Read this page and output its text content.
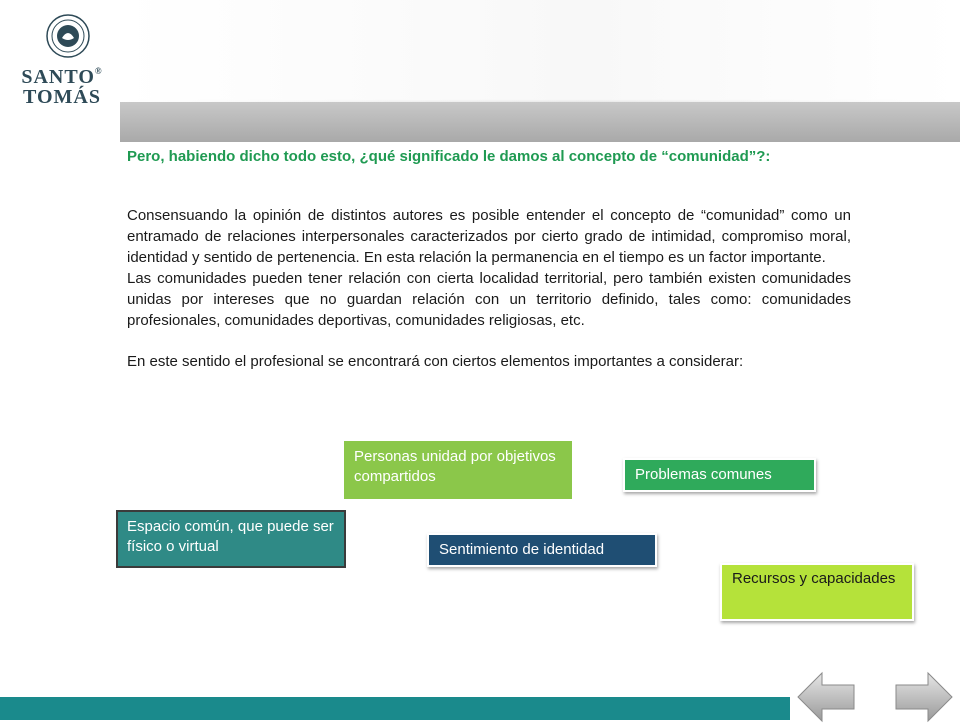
SANTO®
TOMÁS
Pero, habiendo dicho todo esto, ¿qué significado le damos al concepto de “comunidad”?:

Consensuando la opinión de distintos autores es posible entender el concepto de “comunidad” como un entramado de relaciones interpersonales caracterizados por cierto grado de intimidad, compromiso moral, identidad y sentido de pertenencia. En esta relación la permanencia en el tiempo es un factor importante.

Las comunidades pueden tener relación con cierta localidad territorial, pero también existen comunidades unidas por intereses que no guardan relación con un territorio definido, tales como: comunidades profesionales, comunidades deportivas, comunidades religiosas, etc.

En este sentido el profesional se encontrará con ciertos elementos importantes a considerar:

Personas unidad por objetivos compartidos	Problemas comunes
Espacio común, que puede ser físico o virtual	Sentimiento de identidad
Recursos y capacidades
